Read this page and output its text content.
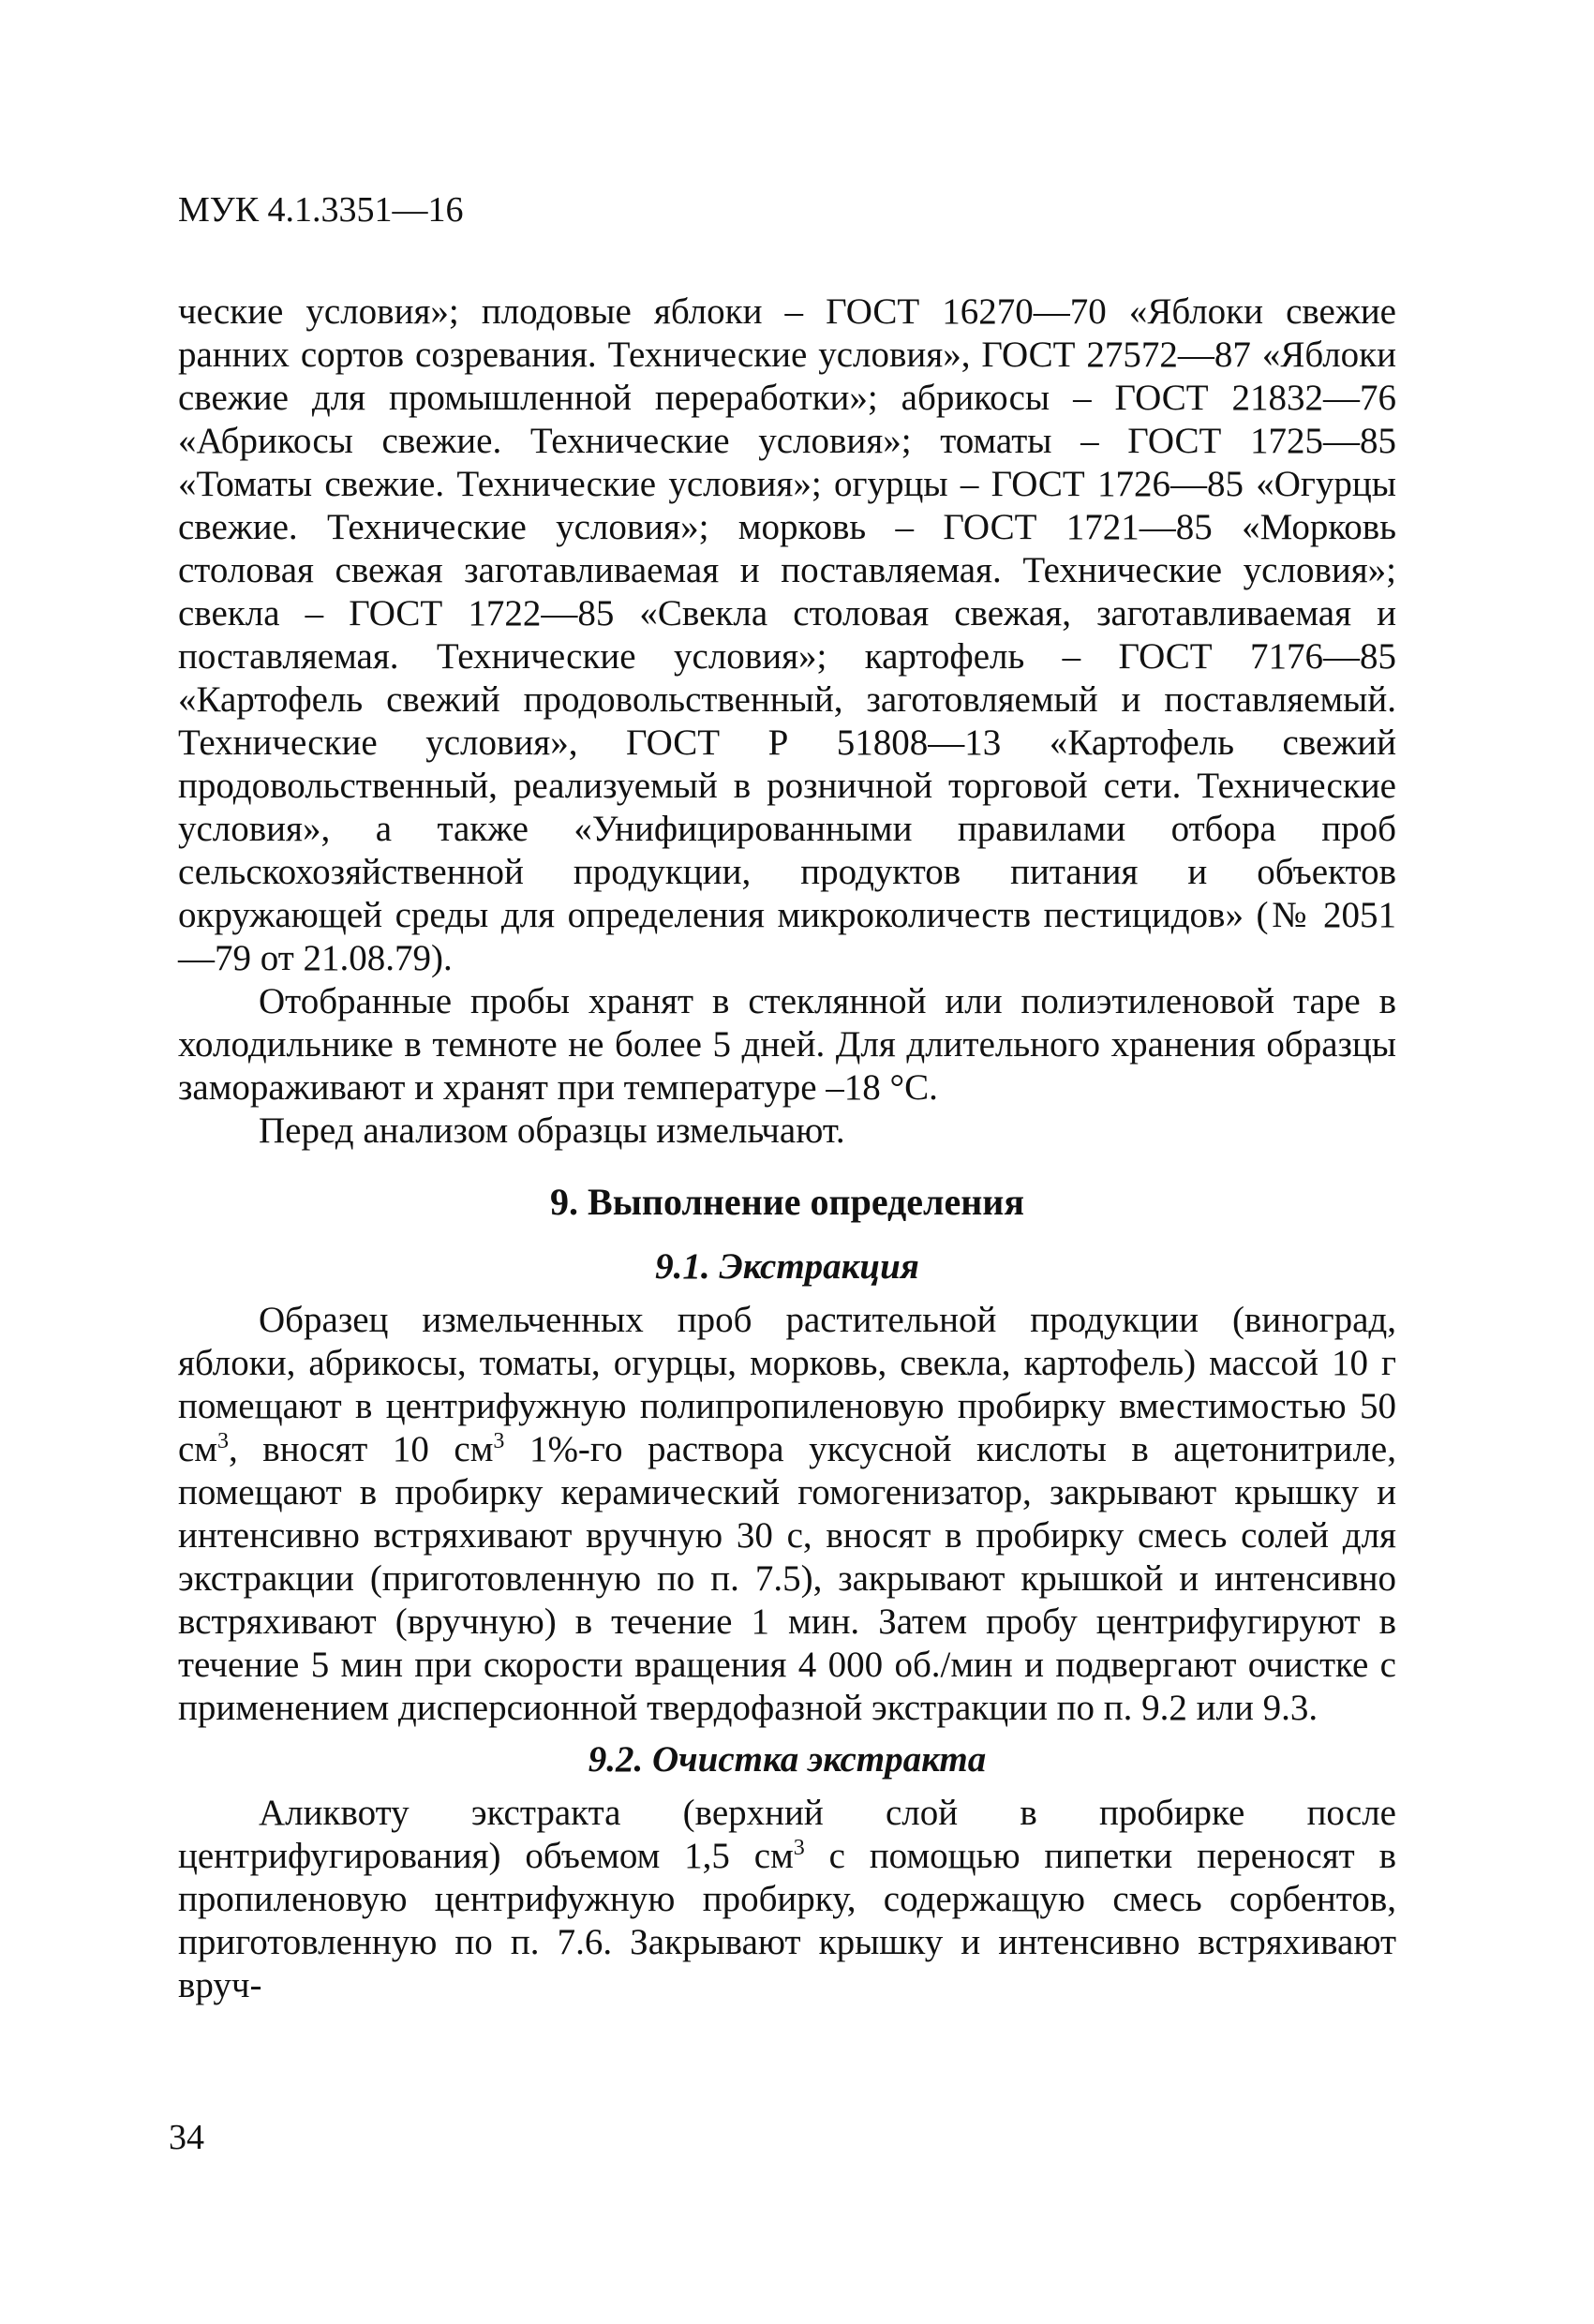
МУК 4.1.3351—16

ческие условия»; плодовые яблоки – ГОСТ 16270—70 «Яблоки свежие ранних сортов созревания. Технические условия», ГОСТ 27572—87 «Яблоки свежие для промышленной переработки»; абрикосы – ГОСТ 21832—76 «Абрикосы свежие. Технические условия»; томаты – ГОСТ 1725—85 «Томаты свежие. Технические условия»; огурцы – ГОСТ 1726—85 «Огурцы свежие. Технические условия»; морковь – ГОСТ 1721—85 «Морковь столовая свежая заготавливаемая и поставляемая. Технические условия»; свекла – ГОСТ 1722—85 «Свекла столовая свежая, заготавливаемая и поставляемая. Технические условия»; картофель – ГОСТ 7176—85 «Картофель свежий продовольственный, заготовляемый и поставляемый. Технические условия», ГОСТ Р 51808—13 «Картофель свежий продовольственный, реализуемый в розничной торговой сети. Технические условия», а также «Унифицированными правилами отбора проб сельскохозяйственной продукции, продуктов питания и объектов окружающей среды для определения микроколичеств пестицидов» (№ 2051—79 от 21.08.79).

Отобранные пробы хранят в стеклянной или полиэтиленовой таре в холодильнике в темноте не более 5 дней. Для длительного хранения образцы замораживают и хранят при температуре –18 °С.

Перед анализом образцы измельчают.

9. Выполнение определения
9.1. Экстракция

Образец измельченных проб растительной продукции (виноград, яблоки, абрикосы, томаты, огурцы, морковь, свекла, картофель) массой 10 г помещают в центрифужную полипропиленовую пробирку вместимостью 50 $см^3$, вносят 10 $см^3$ 1%-го раствора уксусной кислоты в ацетонитриле, помещают в пробирку керамический гомогенизатор, закрывают крышку и интенсивно встряхивают вручную 30 с, вносят в пробирку смесь солей для экстракции (приготовленную по п. 7.5), закрывают крышкой и интенсивно встряхивают (вручную) в течение 1 мин. Затем пробу центрифугируют в течение 5 мин при скорости вращения 4 000 об./мин и подвергают очистке с применением дисперсионной твердофазной экстракции по п. 9.2 или 9.3.

9.2. Очистка экстракта

Аликвоту экстракта (верхний слой в пробирке после центрифугирования) объемом 1,5 $см^3$ с помощью пипетки переносят в пропиленовую центрифужную пробирку, содержащую смесь сорбентов, приготовленную по п. 7.6. Закрывают крышку и интенсивно встряхивают вруч-

34
